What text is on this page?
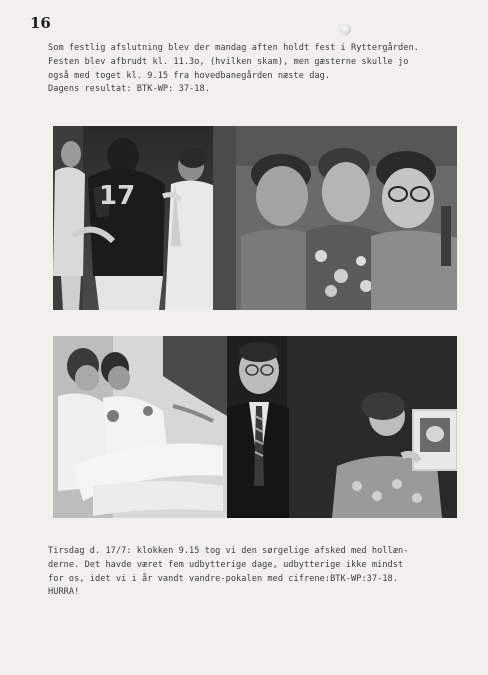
16
Som festlig afslutning blev der mandag aften holdt fest i Ryttergården.
Festen blev afbrudt kl. 11.3o, (hvilken skam), men gæsterne skulle jo
også med toget kl. 9.15 fra hovedbanegården næste dag.
Dagens resultat: BTK-WP: 37-18.
17
Tirsdag d. 17/7: klokken 9.15 tog vi den sørgelige afsked med hollæn-
derne. Det havde været fem udbytterige dage, udbytterige ikke mindst
for os, idet vi i år vandt vandre-pokalen med cifrene:BTK-WP:37-18.
HURRA!
